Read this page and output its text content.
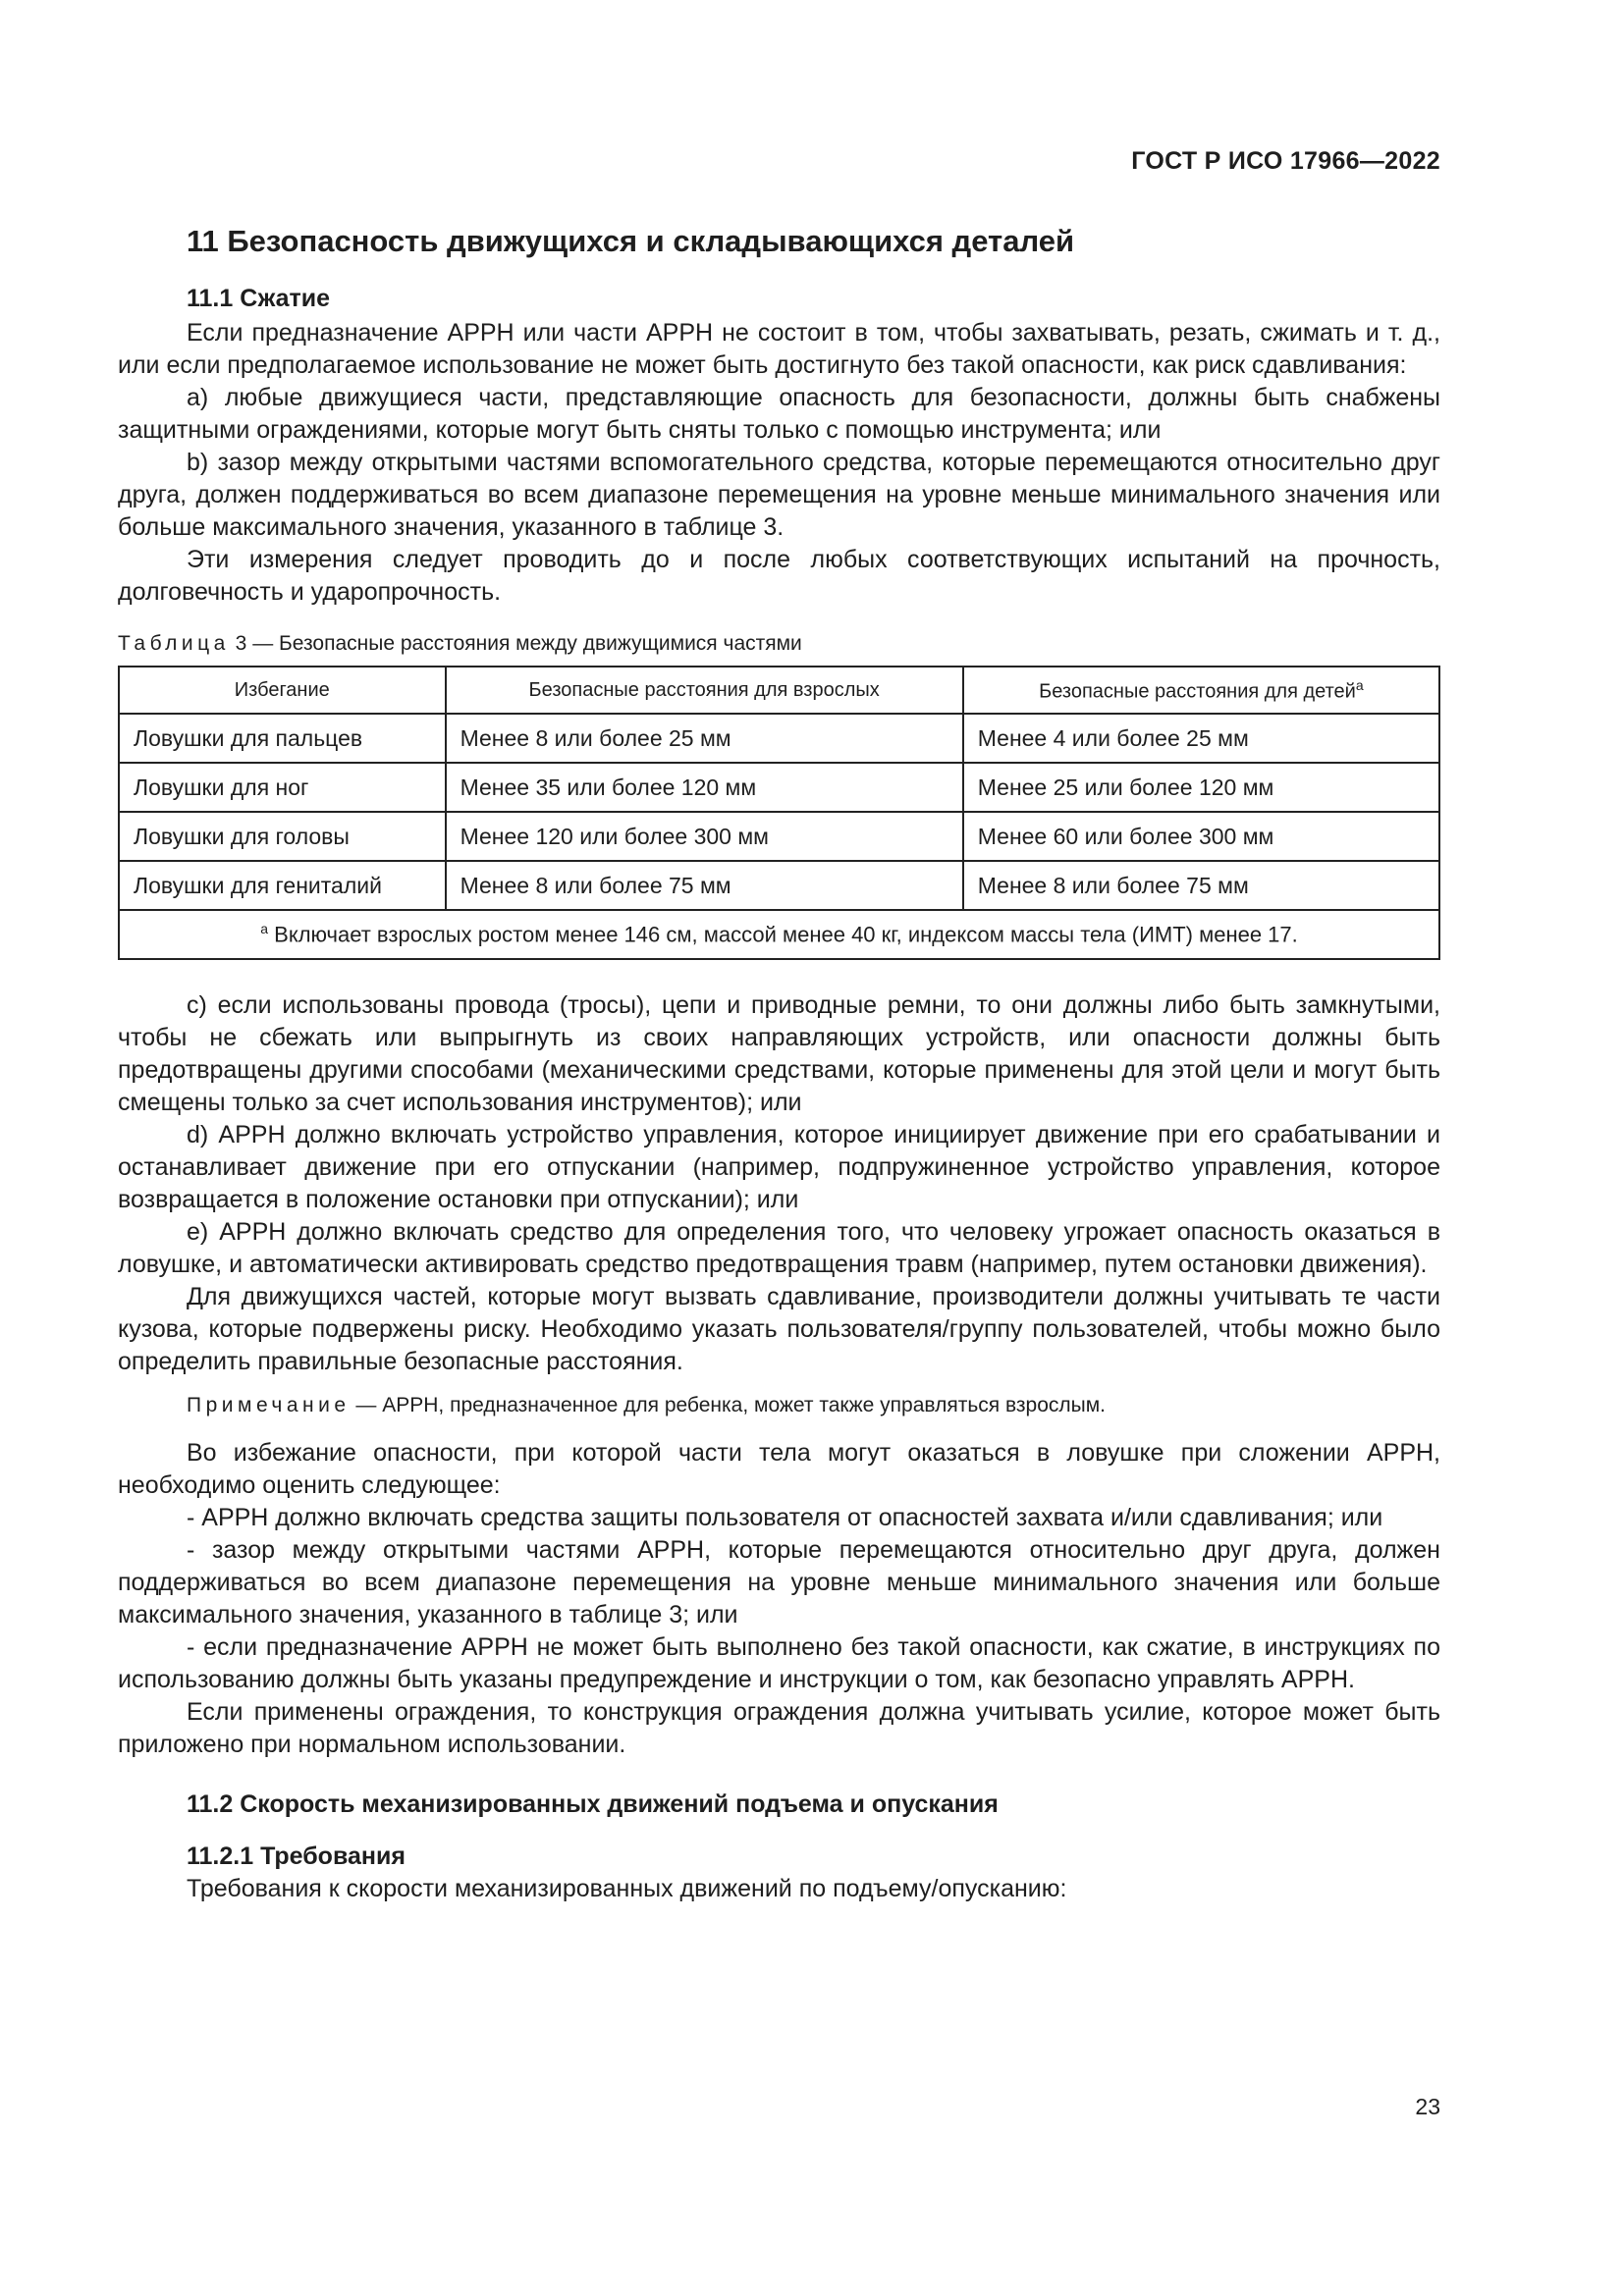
ГОСТ Р ИСО 17966—2022

11 Безопасность движущихся и складывающихся деталей
11.1 Сжатие

Если предназначение АРРН или части АРРН не состоит в том, чтобы захватывать, резать, сжимать и т. д., или если предполагаемое использование не может быть достигнуто без такой опасности, как риск сдавливания:

a) любые движущиеся части, представляющие опасность для безопасности, должны быть снабжены защитными ограждениями, которые могут быть сняты только с помощью инструмента; или

b) зазор между открытыми частями вспомогательного средства, которые перемещаются относительно друг друга, должен поддерживаться во всем диапазоне перемещения на уровне меньше минимального значения или больше максимального значения, указанного в таблице 3.

Эти измерения следует проводить до и после любых соответствующих испытаний на прочность, долговечность и ударопрочность.

Таблица 3 — Безопасные расстояния между движущимися частями
Избегание	Безопасные расстояния для взрослых	Безопасные расстояния для детей$^a$
Ловушки для пальцев	Менее 8 или более 25 мм	Менее 4 или более 25 мм
Ловушки для ног	Менее 35 или более 120 мм	Менее 25 или более 120 мм
Ловушки для головы	Менее 120 или более 300 мм	Менее 60 или более 300 мм
Ловушки для гениталий	Менее 8 или более 75 мм	Менее 8 или более 75 мм
$^a$ Включает взрослых ростом менее 146 см, массой менее 40 кг, индексом массы тела (ИМТ) менее 17.		

c) если использованы провода (тросы), цепи и приводные ремни, то они должны либо быть замкнутыми, чтобы не сбежать или выпрыгнуть из своих направляющих устройств, или опасности должны быть предотвращены другими способами (механическими средствами, которые применены для этой цели и могут быть смещены только за счет использования инструментов); или

d) АРРН должно включать устройство управления, которое инициирует движение при его срабатывании и останавливает движение при его отпускании (например, подпружиненное устройство управления, которое возвращается в положение остановки при отпускании); или

e) АРРН должно включать средство для определения того, что человеку угрожает опасность оказаться в ловушке, и автоматически активировать средство предотвращения травм (например, путем остановки движения).

Для движущихся частей, которые могут вызвать сдавливание, производители должны учитывать те части кузова, которые подвержены риску. Необходимо указать пользователя/группу пользователей, чтобы можно было определить правильные безопасные расстояния.

Примечание — АРРН, предназначенное для ребенка, может также управляться взрослым.

Во избежание опасности, при которой части тела могут оказаться в ловушке при сложении АРРН, необходимо оценить следующее:

- АРРН должно включать средства защиты пользователя от опасностей захвата и/или сдавливания; или

- зазор между открытыми частями АРРН, которые перемещаются относительно друг друга, должен поддерживаться во всем диапазоне перемещения на уровне меньше минимального значения или больше максимального значения, указанного в таблице 3; или

- если предназначение АРРН не может быть выполнено без такой опасности, как сжатие, в инструкциях по использованию должны быть указаны предупреждение и инструкции о том, как безопасно управлять АРРН.

Если применены ограждения, то конструкция ограждения должна учитывать усилие, которое может быть приложено при нормальном использовании.

11.2 Скорость механизированных движений подъема и опускания
11.2.1 Требования

Требования к скорости механизированных движений по подъему/опусканию:

23
